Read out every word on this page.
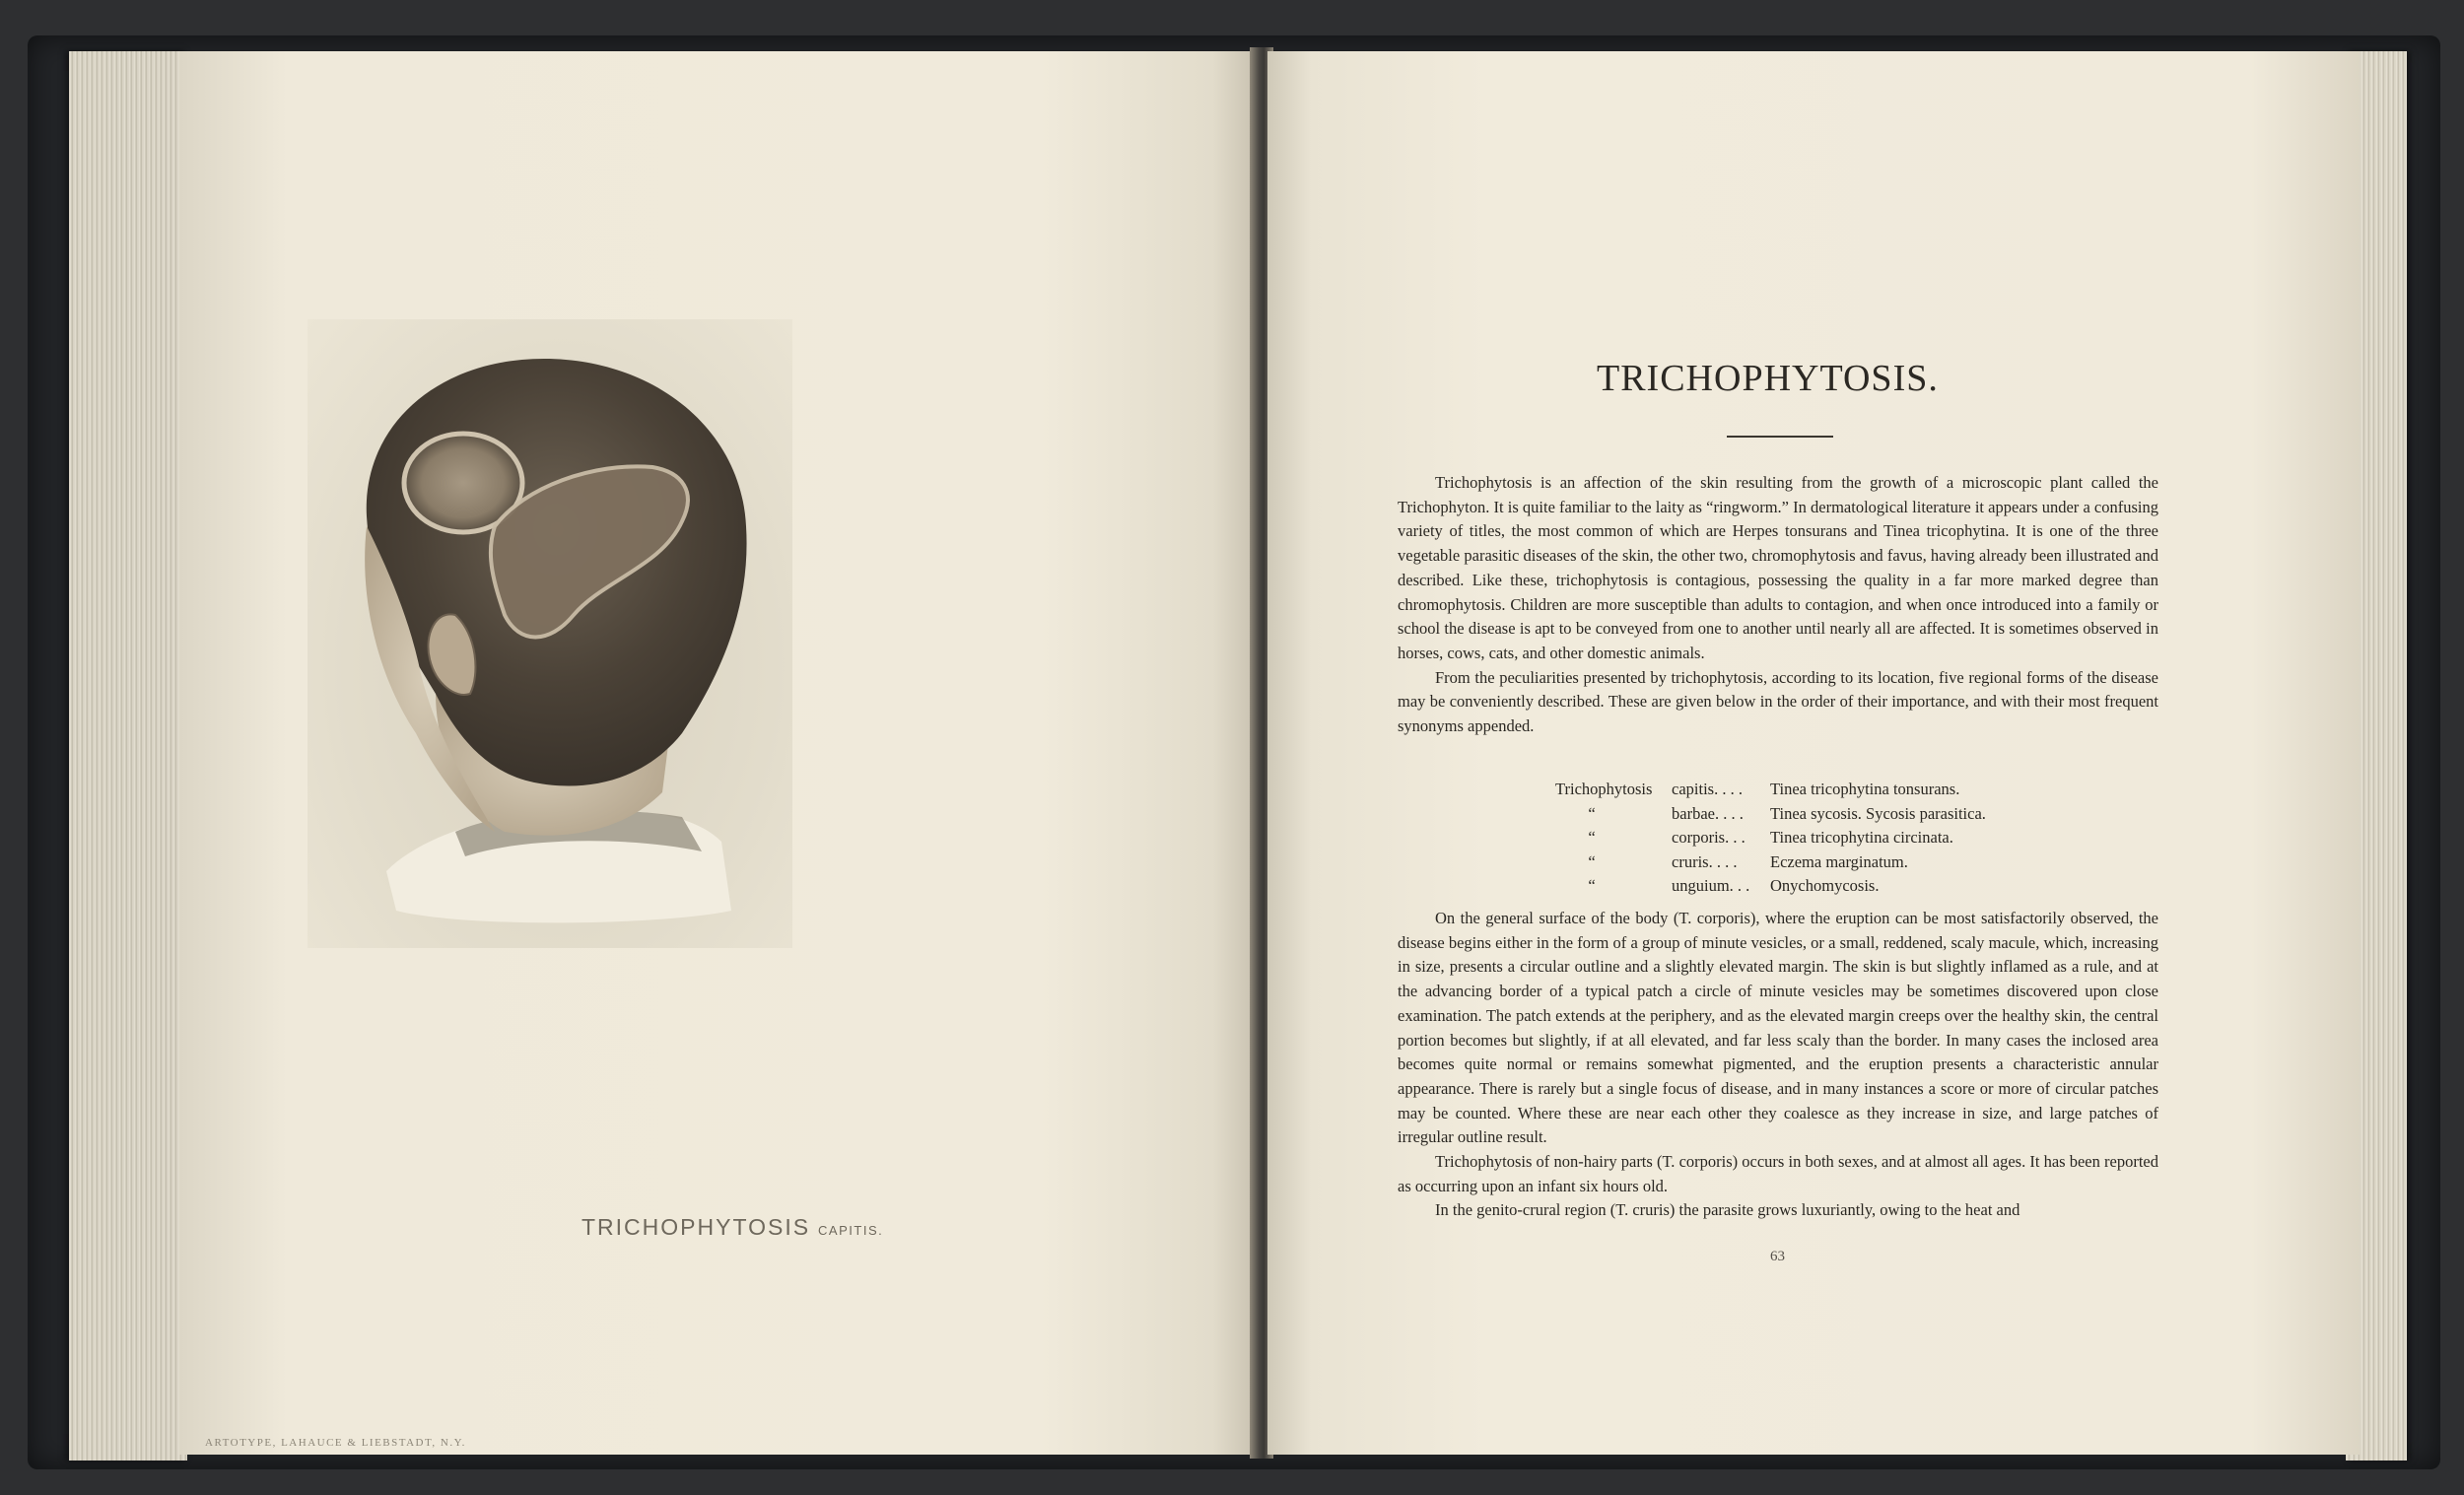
TRICHOPHYTOSIS CAPITIS.
ARTOTYPE, LAHAUCE & LIEBSTADT, N.Y.
TRICHOPHYTOSIS.

Trichophytosis is an affection of the skin resulting from the growth of a microscopic plant called the Trichophyton. It is quite familiar to the laity as “ringworm.” In dermatological literature it appears under a confusing variety of titles, the most common of which are Herpes tonsurans and Tinea tricophytina. It is one of the three vegetable parasitic diseases of the skin, the other two, chromophytosis and favus, having already been illustrated and described. Like these, trichophytosis is contagious, possessing the quality in a far more marked degree than chromophytosis. Children are more susceptible than adults to contagion, and when once introduced into a family or school the disease is apt to be conveyed from one to another until nearly all are affected. It is sometimes observed in horses, cows, cats, and other domestic animals.

From the peculiarities presented by trichophytosis, according to its location, five regional forms of the disease may be conveniently described. These are given below in the order of their importance, and with their most frequent synonyms appended.

Trichophytosis	capitis. . . .	Tinea tricophytina tonsurans.
“	barbae. . . .	Tinea sycosis. Sycosis parasitica.
“	corporis. . .	Tinea tricophytina circinata.
“	cruris. . . .	Eczema marginatum.
“	unguium. . .	Onychomycosis.

On the general surface of the body (T. corporis), where the eruption can be most satisfactorily observed, the disease begins either in the form of a group of minute vesicles, or a small, reddened, scaly macule, which, increasing in size, presents a circular outline and a slightly elevated margin. The skin is but slightly inflamed as a rule, and at the advancing border of a typical patch a circle of minute vesicles may be sometimes discovered upon close examination. The patch extends at the periphery, and as the elevated margin creeps over the healthy skin, the central portion becomes but slightly, if at all elevated, and far less scaly than the border. In many cases the inclosed area becomes quite normal or remains somewhat pigmented, and the eruption presents a characteristic annular appearance. There is rarely but a single focus of disease, and in many instances a score or more of circular patches may be counted. Where these are near each other they coalesce as they increase in size, and large patches of irregular outline result.

Trichophytosis of non-hairy parts (T. corporis) occurs in both sexes, and at almost all ages. It has been reported as occurring upon an infant six hours old.

In the genito-crural region (T. cruris) the parasite grows luxuriantly, owing to the heat and

63
